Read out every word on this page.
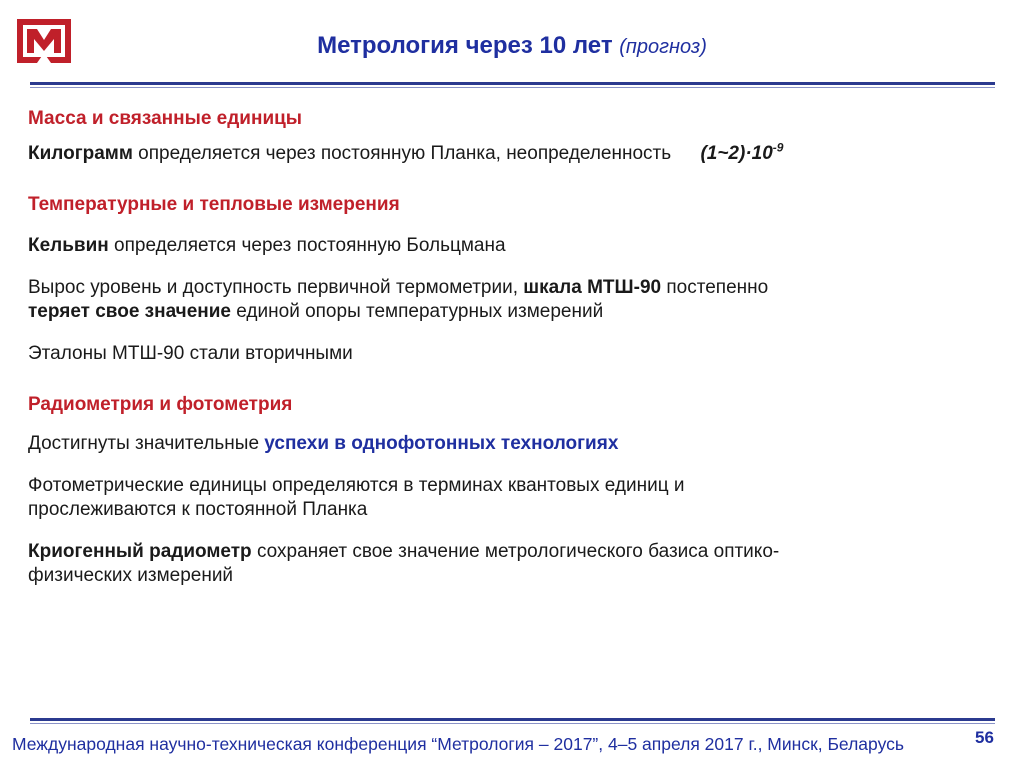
Метрология через 10 лет (прогноз)
Масса и связанные единицы
Килограмм определяется через постоянную Планка, неопределенность $(1\sim 2)\cdot 10^{-9}$
Температурные и тепловые измерения
Кельвин определяется через постоянную Больцмана
Вырос уровень и доступность первичной термометрии, шкала МТШ-90 постепенно
теряет свое значение единой опоры температурных измерений
Эталоны МТШ-90 стали вторичными
Радиометрия и фотометрия
Достигнуты значительные успехи в однофотонных технологиях
Фотометрические единицы определяются в терминах квантовых единиц и
прослеживаются к постоянной Планка
Криогенный радиометр сохраняет свое значение метрологического базиса оптико-
физических измерений
Международная научно-техническая конференция “Метрология – 2017”, 4–5 апреля 2017 г., Минск, Беларусь	56
